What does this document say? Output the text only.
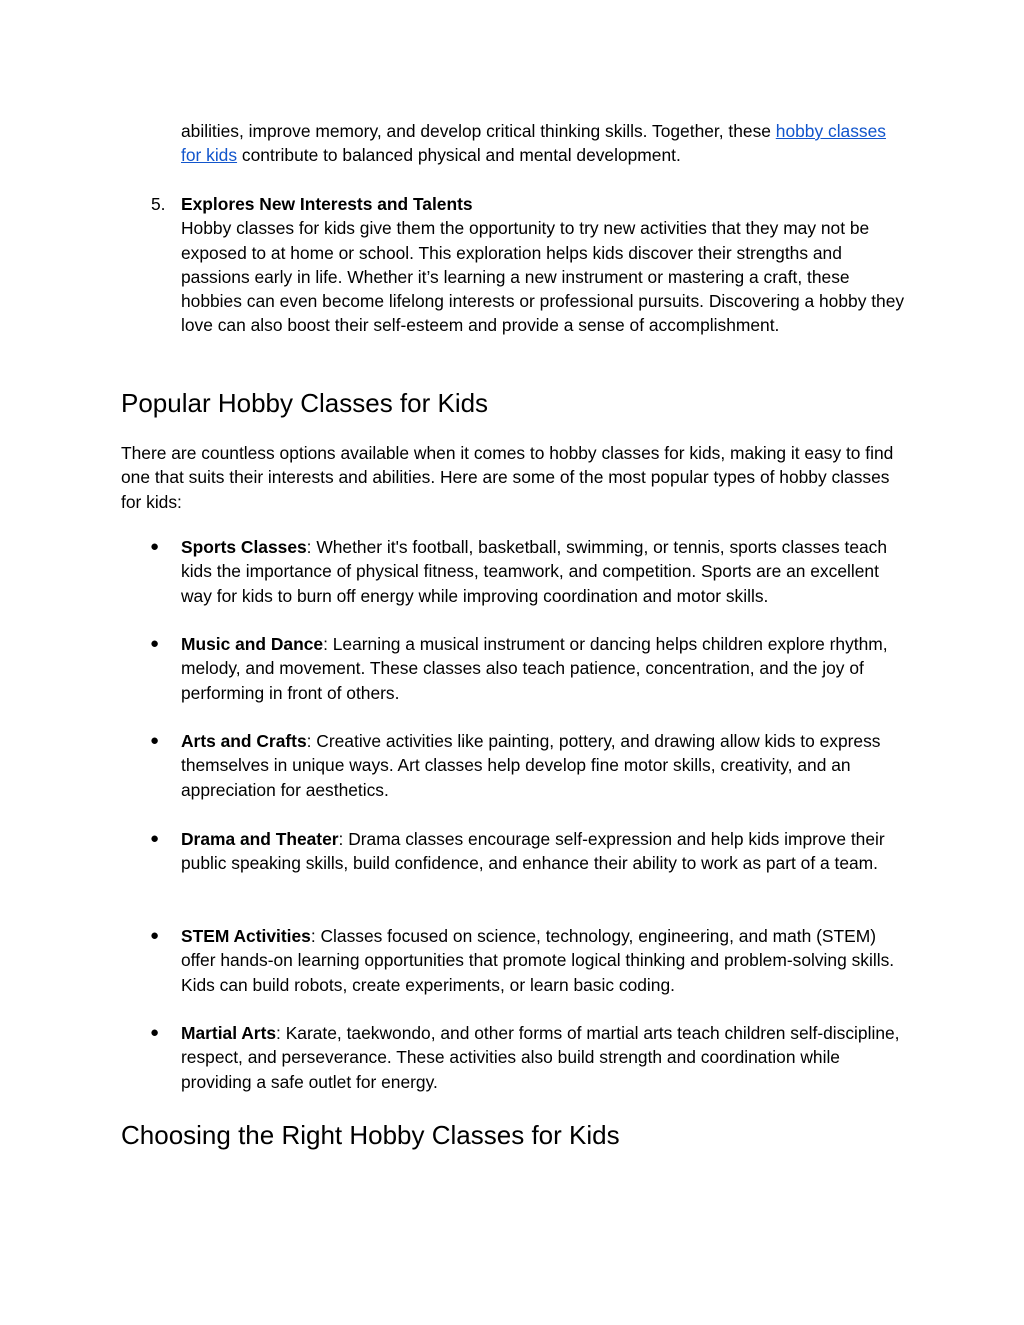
abilities, improve memory, and develop critical thinking skills. Together, these hobby classes for kids contribute to balanced physical and mental development.

5. Explores New Interests and Talents
Hobby classes for kids give them the opportunity to try new activities that they may not be exposed to at home or school. This exploration helps kids discover their strengths and passions early in life. Whether it’s learning a new instrument or mastering a craft, these hobbies can even become lifelong interests or professional pursuits. Discovering a hobby they love can also boost their self-esteem and provide a sense of accomplishment.
Popular Hobby Classes for Kids

There are countless options available when it comes to hobby classes for kids, making it easy to find one that suits their interests and abilities. Here are some of the most popular types of hobby classes for kids:

● Sports Classes: Whether it's football, basketball, swimming, or tennis, sports classes teach kids the importance of physical fitness, teamwork, and competition. Sports are an excellent way for kids to burn off energy while improving coordination and motor skills.
● Music and Dance: Learning a musical instrument or dancing helps children explore rhythm, melody, and movement. These classes also teach patience, concentration, and the joy of performing in front of others.
● Arts and Crafts: Creative activities like painting, pottery, and drawing allow kids to express themselves in unique ways. Art classes help develop fine motor skills, creativity, and an appreciation for aesthetics.
● Drama and Theater: Drama classes encourage self-expression and help kids improve their public speaking skills, build confidence, and enhance their ability to work as part of a team.
● STEM Activities: Classes focused on science, technology, engineering, and math (STEM) offer hands-on learning opportunities that promote logical thinking and problem-solving skills. Kids can build robots, create experiments, or learn basic coding.
● Martial Arts: Karate, taekwondo, and other forms of martial arts teach children self-discipline, respect, and perseverance. These activities also build strength and coordination while providing a safe outlet for energy.
Choosing the Right Hobby Classes for Kids
